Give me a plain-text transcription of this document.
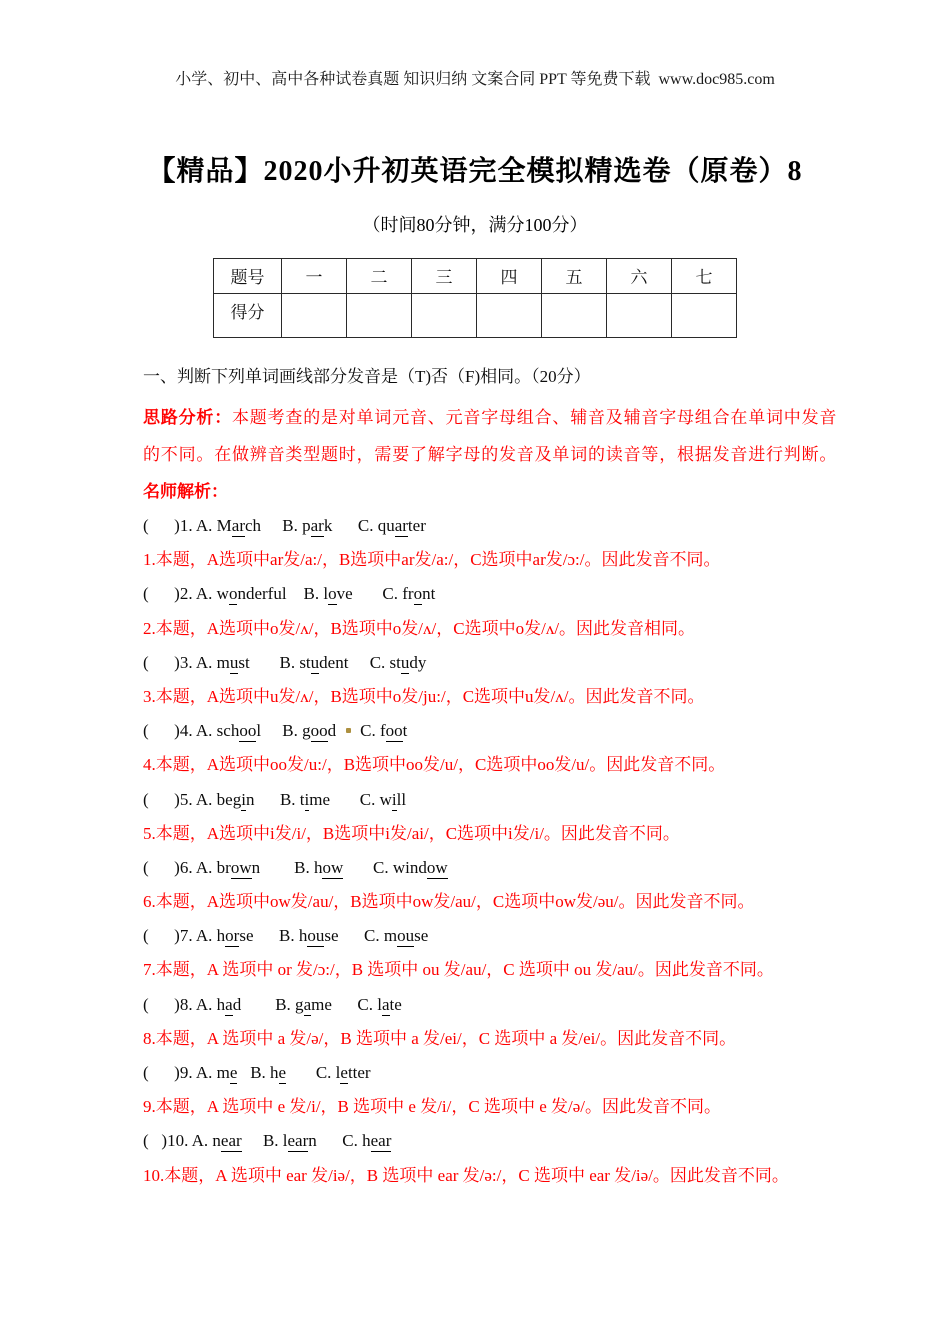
小学、初中、高中各种试卷真题 知识归纳 文案合同 PPT 等免费下载  www.doc985.com
【精品】2020小升初英语完全模拟精选卷（原卷）8
（时间80分钟，满分100分）
题号	一	二	三	四	五	六	七
得分							
一、判断下列单词画线部分发音是（T)否（F)相同。（20分）
思路分析：本题考查的是对单词元音、元音字母组合、辅音及辅音字母组合在单词中发音
的不同。在做辨音类型题时，需要了解字母的发音及单词的读音等，根据发音进行判断。
名师解析：
(      )1. A. March     B. park      C. quarter
1.本题，A选项中ar发/a:/，B选项中ar发/a:/，C选项中ar发/ɔ:/。因此发音不同。
(      )2. A. wonderful    B. love       C. front
2.本题，A选项中o发/ʌ/，B选项中o发/ʌ/，C选项中o发/ʌ/。因此发音相同。
(      )3. A. must       B. student     C. study
3.本题，A选项中u发/ʌ/，B选项中o发/ju:/，C选项中u发/ʌ/。因此发音不同。
(      )4. A. school     B. good    C. foot
4.本题，A选项中oo发/u:/，B选项中oo发/u/，C选项中oo发/u/。因此发音不同。
(      )5. A. begin      B. time       C. will
5.本题，A选项中i发/i/，B选项中i发/ai/，C选项中i发/i/。因此发音不同。
(      )6. A. brown        B. how       C. window
6.本题，A选项中ow发/au/，B选项中ow发/au/，C选项中ow发/əu/。因此发音不同。
(      )7. A. horse      B. house      C. mouse
7.本题，A 选项中 or 发/ɔ:/，B 选项中 ou 发/au/，C 选项中 ou 发/au/。因此发音不同。
(      )8. A. had        B. game      C. late
8.本题，A 选项中 a 发/ə/，B 选项中 a 发/ei/，C 选项中 a 发/ei/。因此发音不同。
(      )9. A. me   B. he       C. letter
9.本题，A 选项中 e 发/i/，B 选项中 e 发/i/，C 选项中 e 发/ə/。因此发音不同。
(   )10. A. near     B. learn      C. hear
10.本题，A 选项中 ear 发/iə/，B 选项中 ear 发/ə:/，C 选项中 ear 发/iə/。因此发音不同。
